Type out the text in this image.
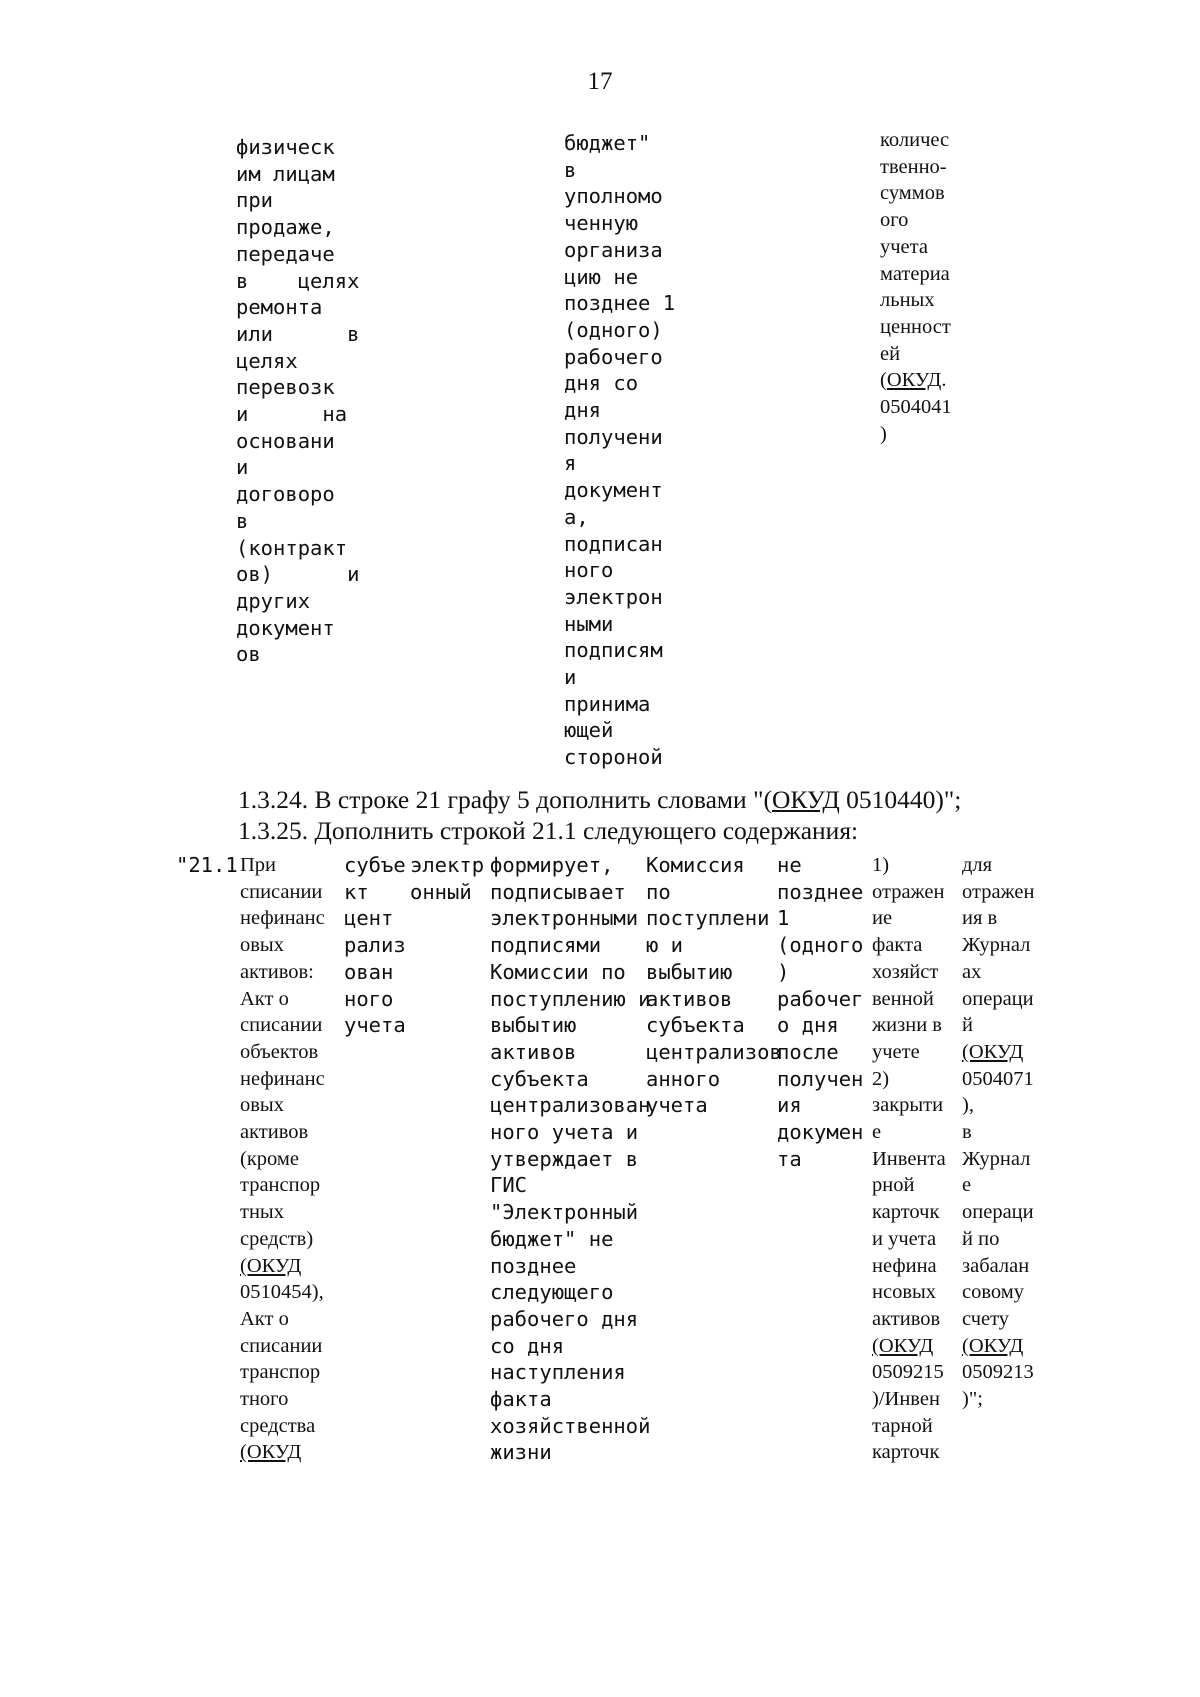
17
физическ
им лицам
при
продаже,
передаче
в    целях
ремонта
или      в
целях
перевозк
и      на
основани
и
договоро
в
(контракт
ов)      и
других
документ
ов
бюджет"
в
уполномо
ченную
организа
цию не
позднее 1
(одного)
рабочего
дня со
дня
получени
я
документ
а,
подписан
ного
электрон
ными
подписям
и
принима
ющей
стороной
количес
твенно-
суммов
ого
учета
материа
льных
ценност
ей
(ОКУД.
0504041
)
1.3.24. В строке 21 графу 5 дополнить словами "(ОКУД 0510440)";
1.3.25. Дополнить строкой 21.1 следующего содержания:
"21.1 При
списании
нефинанс
овых
активов:
Акт о
списании
объектов
нефинанс
овых
активов
(кроме
транспор
тных
средств)
(ОКУД
0510454),
Акт о
списании
транспор
тного
средства
(ОКУД
субъе
кт
цент
рализ
ован
ного
учета
электр
онный
формирует,
подписывает
электронными
подписями
Комиссии по
поступлению и
выбытию
активов
субъекта
централизован
ного учета и
утверждает в
ГИС
"Электронный
бюджет" не
позднее
следующего
рабочего дня
со дня
наступления
факта
хозяйственной
жизни
Комиссия
по
поступлени
ю и
выбытию
активов
субъекта
централизов
анного
учета
не
позднее
1
(одного
)
рабочег
о дня
после
получен
ия
докумен
та
1)
отражен
ие
факта
хозяйст
венной
жизни в
учете
2)
закрыти
е
Инвента
рной
карточк
и учета
нефина
нсовых
активов
(ОКУД
0509215
)/Инвен
тарной
карточк
для
отражен
ия в
Журнал
ах
операци
й
(ОКУД
0504071
),
в
Журнал
е
операци
й по
забалан
совому
счету
(ОКУД
0509213
)";
